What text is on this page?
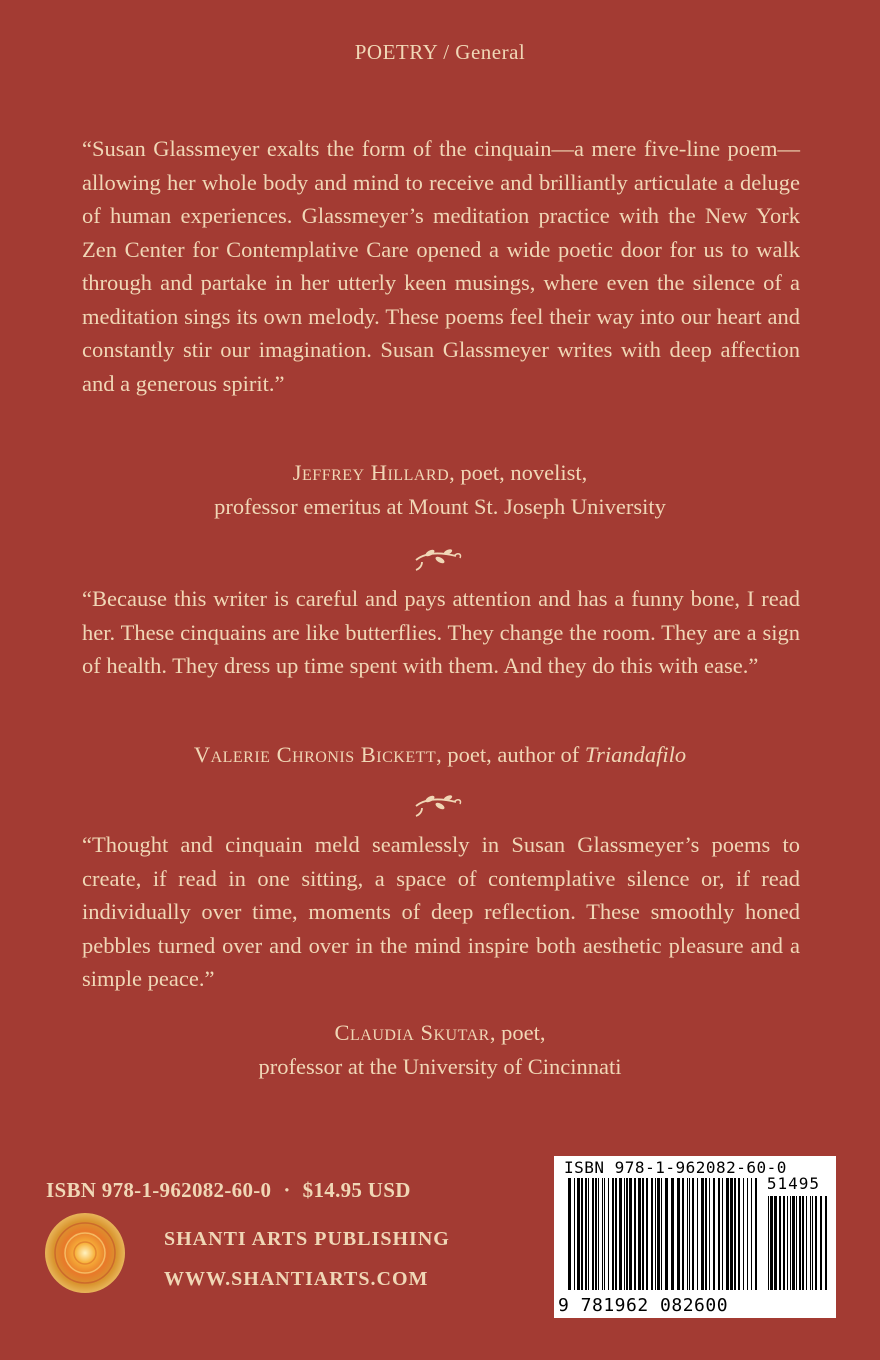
POETRY / General

“Susan Glassmeyer exalts the form of the cinquain—a mere five-line poem—allowing her whole body and mind to receive and brilliantly articulate a deluge of human experiences. Glassmeyer’s meditation practice with the New York Zen Center for Contemplative Care opened a wide poetic door for us to walk through and partake in her utterly keen musings, where even the silence of a meditation sings its own melody. These poems feel their way into our heart and constantly stir our imagination. Susan Glassmeyer writes with deep affection and a generous spirit.”

Jeffrey Hillard, poet, novelist,
professor emeritus at Mount St. Joseph University

“Because this writer is careful and pays attention and has a funny bone, I read her. These cinquains are like butterflies. They change the room. They are a sign of health. They dress up time spent with them. And they do this with ease.”

Valerie Chronis Bickett, poet, author of Triandafilo

“Thought and cinquain meld seamlessly in Susan Glassmeyer’s poems to create, if read in one sitting, a space of contemplative silence or, if read individually over time, moments of deep reflection. These smoothly honed pebbles turned over and over in the mind inspire both aesthetic pleasure and a simple peace.”

Claudia Skutar, poet,
professor at the University of Cincinnati
ISBN 978-1-962082-60-0 · $14.95 USD
SHANTI ARTS PUBLISHING
WWW.SHANTIARTS.COM
ISBN 978-1-962082-60-0
51495
9 781962 082600
